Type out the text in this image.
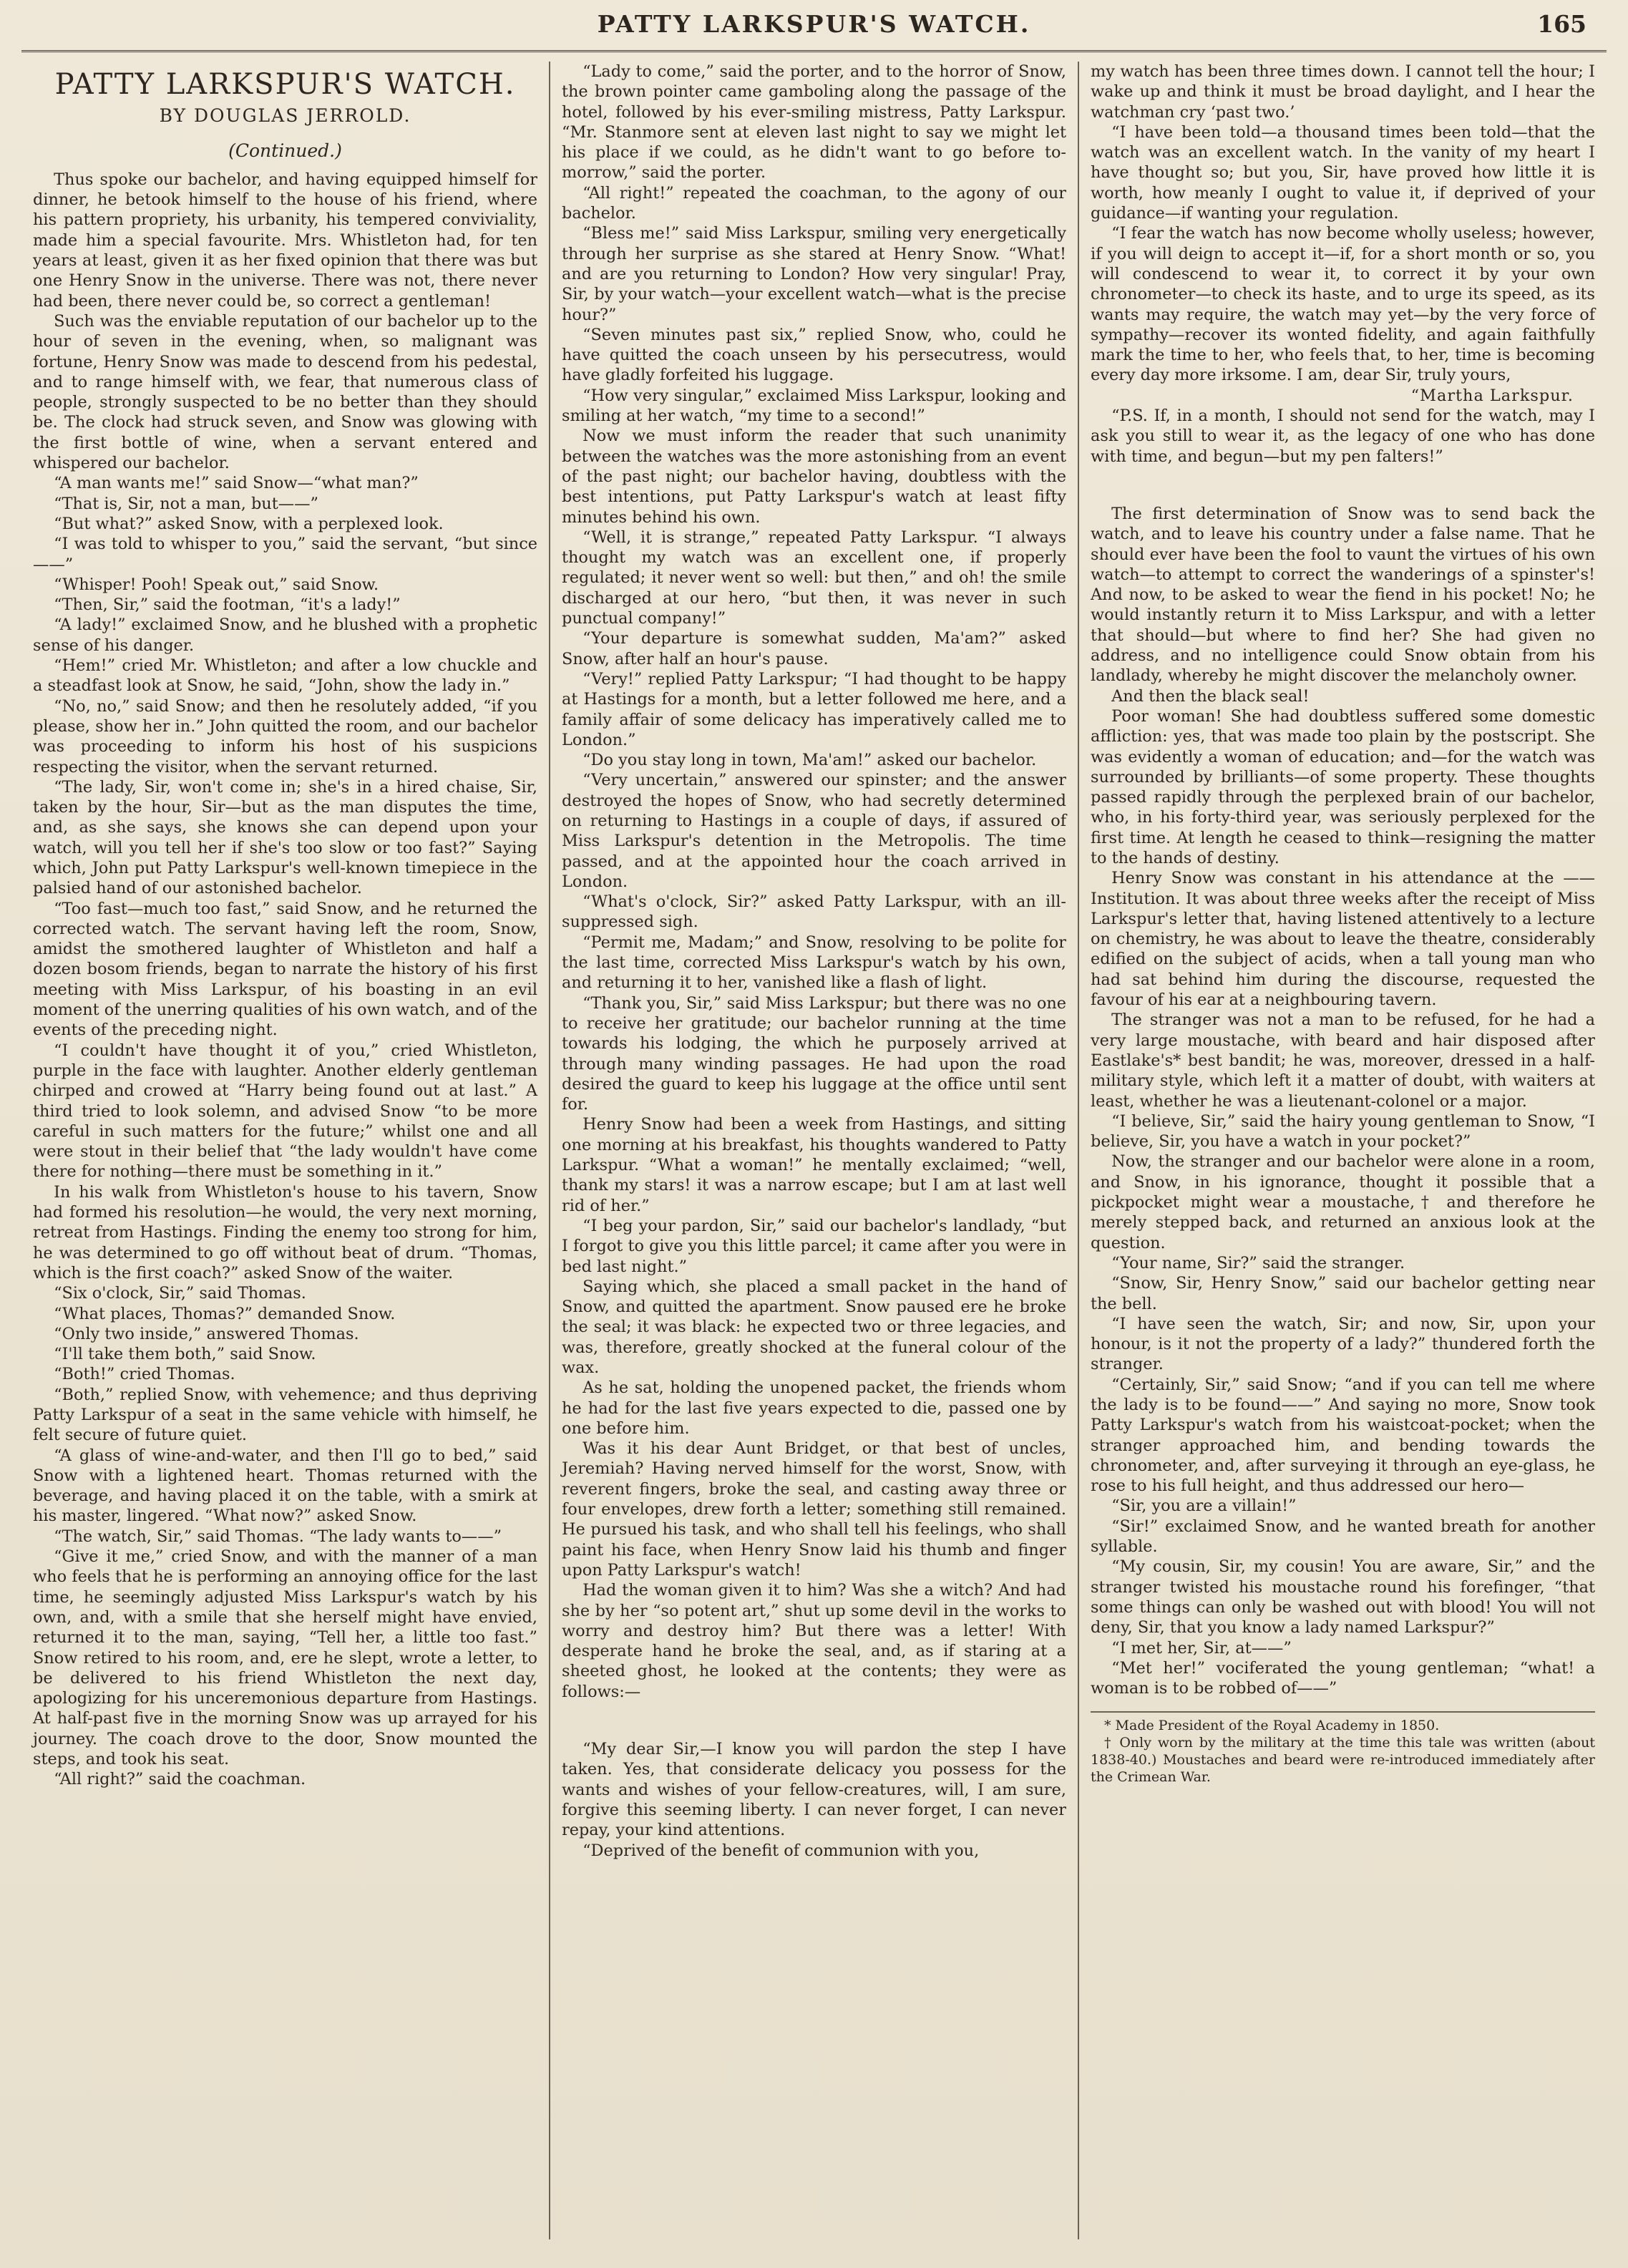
PATTY LARKSPUR'S WATCH.	165
PATTY LARKSPUR'S WATCH.
BY DOUGLAS JERROLD.
(Continued.)

Thus spoke our bachelor, and having equipped himself for dinner, he betook himself to the house of his friend, where his pattern propriety, his urbanity, his tempered conviviality, made him a special favourite. Mrs. Whistleton had, for ten years at least, given it as her fixed opinion that there was but one Henry Snow in the universe. There was not, there never had been, there never could be, so correct a gentleman!

Such was the enviable reputation of our bachelor up to the hour of seven in the evening, when, so malignant was fortune, Henry Snow was made to descend from his pedestal, and to range himself with, we fear, that numerous class of people, strongly suspected to be no better than they should be. The clock had struck seven, and Snow was glowing with the first bottle of wine, when a servant entered and whispered our bachelor.

“A man wants me!” said Snow—“what man?”

“That is, Sir, not a man, but——”

“But what?” asked Snow, with a perplexed look.

“I was told to whisper to you,” said the servant, “but since——”

“Whisper! Pooh! Speak out,” said Snow.

“Then, Sir,” said the footman, “it's a lady!”

“A lady!” exclaimed Snow, and he blushed with a prophetic sense of his danger.

“Hem!” cried Mr. Whistleton; and after a low chuckle and a steadfast look at Snow, he said, “John, show the lady in.”

“No, no,” said Snow; and then he resolutely added, “if you please, show her in.” John quitted the room, and our bachelor was proceeding to inform his host of his suspicions respecting the visitor, when the servant returned.

“The lady, Sir, won't come in; she's in a hired chaise, Sir, taken by the hour, Sir—but as the man disputes the time, and, as she says, she knows she can depend upon your watch, will you tell her if she's too slow or too fast?” Saying which, John put Patty Larkspur's well-known timepiece in the palsied hand of our astonished bachelor.

“Too fast—much too fast,” said Snow, and he returned the corrected watch. The servant having left the room, Snow, amidst the smothered laughter of Whistleton and half a dozen bosom friends, began to narrate the history of his first meeting with Miss Larkspur, of his boasting in an evil moment of the unerring qualities of his own watch, and of the events of the preceding night.

“I couldn't have thought it of you,” cried Whistleton, purple in the face with laughter. Another elderly gentleman chirped and crowed at “Harry being found out at last.” A third tried to look solemn, and advised Snow “to be more careful in such matters for the future;” whilst one and all were stout in their belief that “the lady wouldn't have come there for nothing—there must be something in it.”

In his walk from Whistleton's house to his tavern, Snow had formed his resolution—he would, the very next morning, retreat from Hastings. Finding the enemy too strong for him, he was determined to go off without beat of drum. “Thomas, which is the first coach?” asked Snow of the waiter.

“Six o'clock, Sir,” said Thomas.

“What places, Thomas?” demanded Snow.

“Only two inside,” answered Thomas.

“I'll take them both,” said Snow.

“Both!” cried Thomas.

“Both,” replied Snow, with vehemence; and thus depriving Patty Larkspur of a seat in the same vehicle with himself, he felt secure of future quiet.

“A glass of wine-and-water, and then I'll go to bed,” said Snow with a lightened heart. Thomas returned with the beverage, and having placed it on the table, with a smirk at his master, lingered. “What now?” asked Snow.

“The watch, Sir,” said Thomas. “The lady wants to——”

“Give it me,” cried Snow, and with the manner of a man who feels that he is performing an annoying office for the last time, he seemingly adjusted Miss Larkspur's watch by his own, and, with a smile that she herself might have envied, returned it to the man, saying, “Tell her, a little too fast.” Snow retired to his room, and, ere he slept, wrote a letter, to be delivered to his friend Whistleton the next day, apologizing for his unceremonious departure from Hastings. At half-past five in the morning Snow was up arrayed for his journey. The coach drove to the door, Snow mounted the steps, and took his seat.

“All right?” said the coachman.

“Lady to come,” said the porter, and to the horror of Snow, the brown pointer came gamboling along the passage of the hotel, followed by his ever-smiling mistress, Patty Larkspur. “Mr. Stanmore sent at eleven last night to say we might let his place if we could, as he didn't want to go before to-morrow,” said the porter.

“All right!” repeated the coachman, to the agony of our bachelor.

“Bless me!” said Miss Larkspur, smiling very energetically through her surprise as she stared at Henry Snow. “What! and are you returning to London? How very singular! Pray, Sir, by your watch—your excellent watch—what is the precise hour?”

“Seven minutes past six,” replied Snow, who, could he have quitted the coach unseen by his persecutress, would have gladly forfeited his luggage.

“How very singular,” exclaimed Miss Larkspur, looking and smiling at her watch, “my time to a second!”

Now we must inform the reader that such unanimity between the watches was the more astonishing from an event of the past night; our bachelor having, doubtless with the best intentions, put Patty Larkspur's watch at least fifty minutes behind his own.

“Well, it is strange,” repeated Patty Larkspur. “I always thought my watch was an excellent one, if properly regulated; it never went so well: but then,” and oh! the smile discharged at our hero, “but then, it was never in such punctual company!”

“Your departure is somewhat sudden, Ma'am?” asked Snow, after half an hour's pause.

“Very!” replied Patty Larkspur; “I had thought to be happy at Hastings for a month, but a letter followed me here, and a family affair of some delicacy has imperatively called me to London.”

“Do you stay long in town, Ma'am!” asked our bachelor.

“Very uncertain,” answered our spinster; and the answer destroyed the hopes of Snow, who had secretly determined on returning to Hastings in a couple of days, if assured of Miss Larkspur's detention in the Metropolis. The time passed, and at the appointed hour the coach arrived in London.

“What's o'clock, Sir?” asked Patty Larkspur, with an ill-suppressed sigh.

“Permit me, Madam;” and Snow, resolving to be polite for the last time, corrected Miss Larkspur's watch by his own, and returning it to her, vanished like a flash of light.

“Thank you, Sir,” said Miss Larkspur; but there was no one to receive her gratitude; our bachelor running at the time towards his lodging, the which he purposely arrived at through many winding passages. He had upon the road desired the guard to keep his luggage at the office until sent for.

Henry Snow had been a week from Hastings, and sitting one morning at his breakfast, his thoughts wandered to Patty Larkspur. “What a woman!” he mentally exclaimed; “well, thank my stars! it was a narrow escape; but I am at last well rid of her.”

“I beg your pardon, Sir,” said our bachelor's landlady, “but I forgot to give you this little parcel; it came after you were in bed last night.”

Saying which, she placed a small packet in the hand of Snow, and quitted the apartment. Snow paused ere he broke the seal; it was black: he expected two or three legacies, and was, therefore, greatly shocked at the funeral colour of the wax.

As he sat, holding the unopened packet, the friends whom he had for the last five years expected to die, passed one by one before him.

Was it his dear Aunt Bridget, or that best of uncles, Jeremiah? Having nerved himself for the worst, Snow, with reverent fingers, broke the seal, and casting away three or four envelopes, drew forth a letter; something still remained. He pursued his task, and who shall tell his feelings, who shall paint his face, when Henry Snow laid his thumb and finger upon Patty Larkspur's watch!

Had the woman given it to him? Was she a witch? And had she by her “so potent art,” shut up some devil in the works to worry and destroy him? But there was a letter! With desperate hand he broke the seal, and, as if staring at a sheeted ghost, he looked at the contents; they were as follows:—

“My dear Sir,—I know you will pardon the step I have taken. Yes, that considerate delicacy you possess for the wants and wishes of your fellow-creatures, will, I am sure, forgive this seeming liberty. I can never forget, I can never repay, your kind attentions.

“Deprived of the benefit of communion with you,

my watch has been three times down. I cannot tell the hour; I wake up and think it must be broad daylight, and I hear the watchman cry ‘past two.’

“I have been told—a thousand times been told—that the watch was an excellent watch. In the vanity of my heart I have thought so; but you, Sir, have proved how little it is worth, how meanly I ought to value it, if deprived of your guidance—if wanting your regulation.

“I fear the watch has now become wholly useless; however, if you will deign to accept it—if, for a short month or so, you will condescend to wear it, to correct it by your own chronometer—to check its haste, and to urge its speed, as its wants may require, the watch may yet—by the very force of sympathy—recover its wonted fidelity, and again faithfully mark the time to her, who feels that, to her, time is becoming every day more irksome. I am, dear Sir, truly yours,

“Martha Larkspur.

“P.S. If, in a month, I should not send for the watch, may I ask you still to wear it, as the legacy of one who has done with time, and begun—but my pen falters!”

The first determination of Snow was to send back the watch, and to leave his country under a false name. That he should ever have been the fool to vaunt the virtues of his own watch—to attempt to correct the wanderings of a spinster's! And now, to be asked to wear the fiend in his pocket! No; he would instantly return it to Miss Larkspur, and with a letter that should—but where to find her? She had given no address, and no intelligence could Snow obtain from his landlady, whereby he might discover the melancholy owner.

And then the black seal!

Poor woman! She had doubtless suffered some domestic affliction: yes, that was made too plain by the postscript. She was evidently a woman of education; and—for the watch was surrounded by brilliants—of some property. These thoughts passed rapidly through the perplexed brain of our bachelor, who, in his forty-third year, was seriously perplexed for the first time. At length he ceased to think—resigning the matter to the hands of destiny.

Henry Snow was constant in his attendance at the —— Institution. It was about three weeks after the receipt of Miss Larkspur's letter that, having listened attentively to a lecture on chemistry, he was about to leave the theatre, considerably edified on the subject of acids, when a tall young man who had sat behind him during the discourse, requested the favour of his ear at a neighbouring tavern.

The stranger was not a man to be refused, for he had a very large moustache, with beard and hair disposed after Eastlake's* best bandit; he was, moreover, dressed in a half-military style, which left it a matter of doubt, with waiters at least, whether he was a lieutenant-colonel or a major.

“I believe, Sir,” said the hairy young gentleman to Snow, “I believe, Sir, you have a watch in your pocket?”

Now, the stranger and our bachelor were alone in a room, and Snow, in his ignorance, thought it possible that a pickpocket might wear a moustache,† and therefore he merely stepped back, and returned an anxious look at the question.

“Your name, Sir?” said the stranger.

“Snow, Sir, Henry Snow,” said our bachelor getting near the bell.

“I have seen the watch, Sir; and now, Sir, upon your honour, is it not the property of a lady?” thundered forth the stranger.

“Certainly, Sir,” said Snow; “and if you can tell me where the lady is to be found——” And saying no more, Snow took Patty Larkspur's watch from his waistcoat-pocket; when the stranger approached him, and bending towards the chronometer, and, after surveying it through an eye-glass, he rose to his full height, and thus addressed our hero—

“Sir, you are a villain!”

“Sir!” exclaimed Snow, and he wanted breath for another syllable.

“My cousin, Sir, my cousin! You are aware, Sir,” and the stranger twisted his moustache round his forefinger, “that some things can only be washed out with blood! You will not deny, Sir, that you know a lady named Larkspur?”

“I met her, Sir, at——”

“Met her!” vociferated the young gentleman; “what! a woman is to be robbed of——”

* Made President of the Royal Academy in 1850.

† Only worn by the military at the time this tale was written (about 1838-40.) Moustaches and beard were re-introduced immediately after the Crimean War.
